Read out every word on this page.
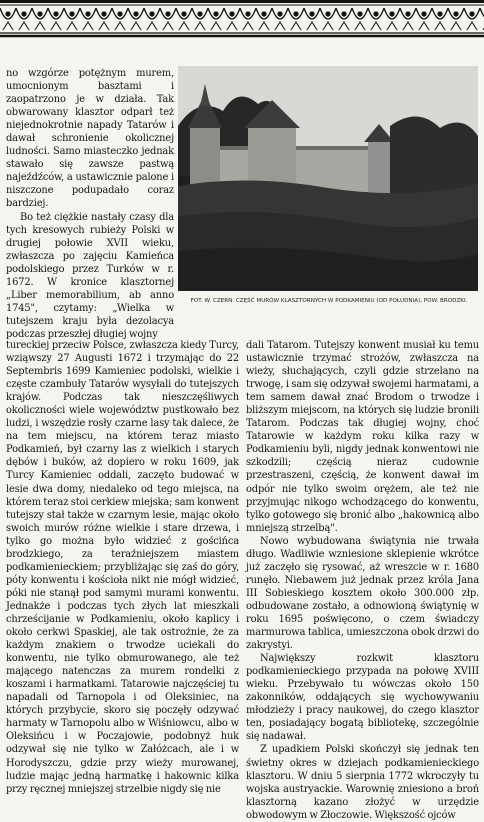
no wzgórze potężnym murem, umocnionym basztami i zaopatrzono je w działa. Tak obwarowany klasztor odparł też niejednokrotnie napady Tatarów i dawał schronienie okolicznej ludności. Samo miasteczko jednak stawało się zawsze pastwą najeźdźców, a ustawicznie palone i niszczone podupadało coraz bardziej.

Bo też ciężkie nastały czasy dla tych kresowych rubieży Polski w drugiej połowie XVII wieku, zwłaszcza po zajęciu Kamieńca podolskiego przez Turków w r. 1672. W kronice klasztornej „Liber memorabilium, ab anno 1745", czytamy: „Wielka w tutejszem kraju była dezolacya podczas przeszłej długiej wojny

FOT. W. CZERN. CZĘŚĆ MURÓW KLASZTORNYCH W PODKAMIENIU (OD POŁUDNIA), POW. BRODZKI.

tureckiej przeciw Polsce, zwłaszcza kiedy Turcy, wziąwszy 27 Augusti 1672 i trzymając do 22 Septembris 1699 Kamieniec podolski, wielkie i częste czambuły Tatarów wysyłali do tutejszych krajów. Podczas tak nieszczęśliwych okoliczności wiele województw pustkowało bez ludzi, i wszędzie rosły czarne lasy tak dalece, że na tem miejscu, na którem teraz miasto Podkamień, był czarny las z wielkich i starych dębów i buków, aż dopiero w roku 1609, jak Turcy Kamieniec oddali, zaczęto budować w lesie dwa domy, niedaleko od tego miejsca, na którem teraz stoi cerkiew miejska; sam konwent tutejszy stał także w czarnym lesie, mając około swoich murów różne wielkie i stare drzewa, i tylko go można było widzieć z gościńca brodzkiego, za teraźniejszem miastem podkamienieckiem; przybliżając się zaś do góry, póty konwentu i kościoła nikt nie mógł widzieć, póki nie stanął pod samymi murami konwentu. Jednakże i podczas tych złych lat mieszkali chrześcijanie w Podkamieniu, około kaplicy i około cerkwi Spaskiej, ale tak ostrożnie, że za każdym znakiem o trwodze uciekali do konwentu, nie tylko obmurowanego, ale też mającego natenczas za murem rondelki z koszami i harmatkami. Tatarowie najczęściej tu napadali od Tarnopola i od Oleksiniec, na których przybycie, skoro się poczęły odzywać harmaty w Tarnopolu albo w Wiśniowcu, albo w Oleksińcu i w Poczajowie, podobnyż huk odzywał się nie tylko w Załóżcach, ale i w Horodyszczu, gdzie przy wieży murowanej, ludzie mając jedną harmatkę i hakownic kilka przy ręcznej mniejszej strzelbie nigdy się nie

dali Tatarom. Tutejszy konwent musiał ku temu ustawicznie trzymać strożów, zwłaszcza na wieży, słuchających, czyli gdzie strzelano na trwogę, i sam się odzywał swojemi harmatami, a tem samem dawał znać Brodom o trwodze i bliższym miejscom, na których się ludzie bronili Tatarom. Podczas tak długiej wojny, choć Tatarowie w każdym roku kilka razy w Podkamieniu byli, nigdy jednak konwentowi nie szkodzili; częścią nieraz cudownie przestraszeni, częścią, że konwent dawał im odpór nie tylko swoim orężem, ale też nie przyjmując nikogo wchodzącego do konwentu, tylko gotowego się bronić albo „hakownicą albo mniejszą strzelbą".

Nowo wybudowana świątynia nie trwała długo. Wadliwie wzniesione sklepienie wkrótce już zaczęło się rysować, aż wreszcie w r. 1680 runęło. Niebawem już jednak przez króla Jana III Sobieskiego kosztem około 300.000 złp. odbudowane zostało, a odnowioną świątynię w roku 1695 poświęcono, o czem świadczy marmurowa tablica, umieszczona obok drzwi do zakrystyi.

Największy rozkwit klasztoru podkamienieckiego przypada na połowę XVIII wieku. Przebywało tu wówczas około 150 zakonników, oddających się wychowywaniu młodzieży i pracy naukowej, do czego klasztor ten, posiadający bogatą bibliotekę, szczególnie się nadawał.

Z upadkiem Polski skończył się jednak ten świetny okres w dziejach podkamienieckiego klasztoru. W dniu 5 sierpnia 1772 wkroczyły tu wojska austryackie. Warownię zniesiono a broń klasztorną kazano złożyć w urzędzie obwodowym w Złoczowie. Większość ojców
